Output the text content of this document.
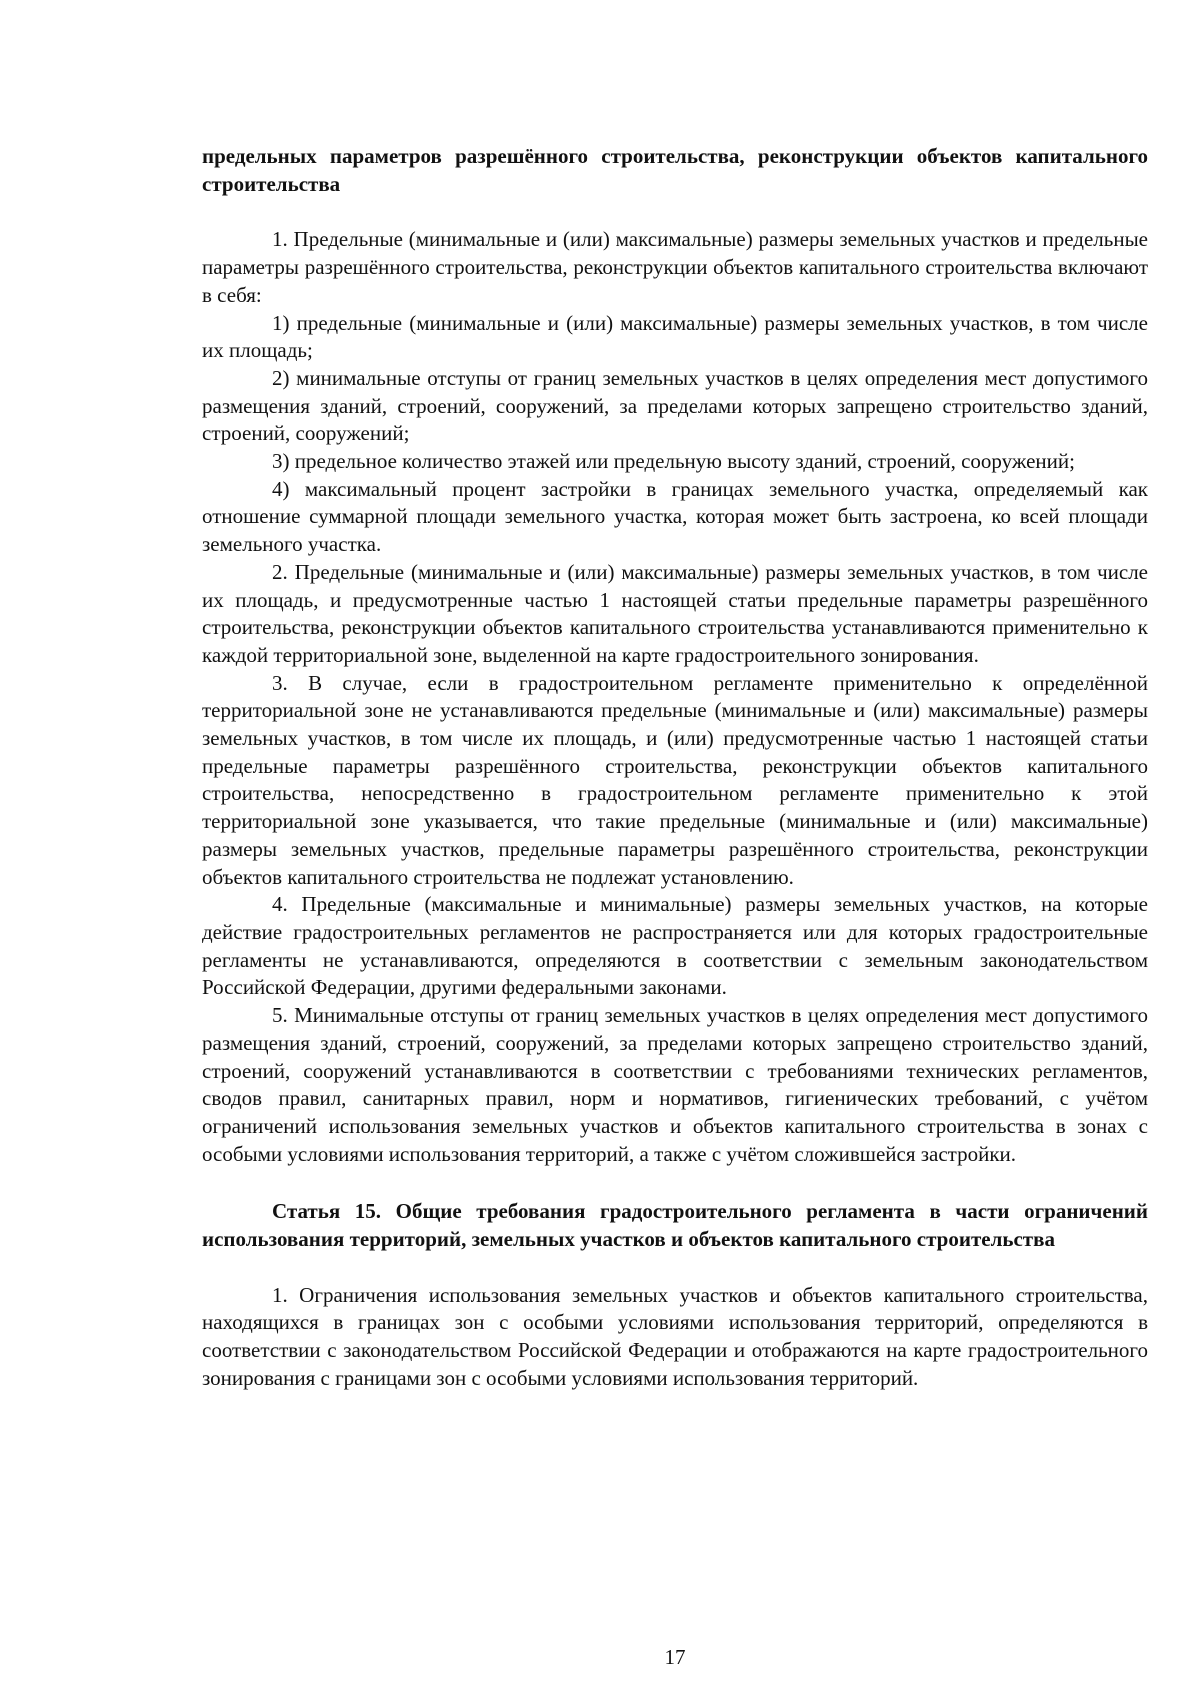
предельных параметров разрешённого строительства, реконструкции объектов капитального строительства

1. Предельные (минимальные и (или) максимальные) размеры земельных участков и предельные параметры разрешённого строительства, реконструкции объектов капитального строительства включают в себя:

1) предельные (минимальные и (или) максимальные) размеры земельных участков, в том числе их площадь;

2) минимальные отступы от границ земельных участков в целях определения мест допустимого размещения зданий, строений, сооружений, за пределами которых запрещено строительство зданий, строений, сооружений;

3) предельное количество этажей или предельную высоту зданий, строений, сооружений;

4) максимальный процент застройки в границах земельного участка, определяемый как отношение суммарной площади земельного участка, которая может быть застроена, ко всей площади земельного участка.

2. Предельные (минимальные и (или) максимальные) размеры земельных участков, в том числе их площадь, и предусмотренные частью 1 настоящей статьи предельные параметры разрешённого строительства, реконструкции объектов капитального строительства устанавливаются применительно к каждой территориальной зоне, выделенной на карте градостроительного зонирования.

3. В случае, если в градостроительном регламенте применительно к определённой территориальной зоне не устанавливаются предельные (минимальные и (или) максимальные) размеры земельных участков, в том числе их площадь, и (или) предусмотренные частью 1 настоящей статьи предельные параметры разрешённого строительства, реконструкции объектов капитального строительства, непосредственно в градостроительном регламенте применительно к этой территориальной зоне указывается, что такие предельные (минимальные и (или) максимальные) размеры земельных участков, предельные параметры разрешённого строительства, реконструкции объектов капитального строительства не подлежат установлению.

4. Предельные (максимальные и минимальные) размеры земельных участков, на которые действие градостроительных регламентов не распространяется или для которых градостроительные регламенты не устанавливаются, определяются в соответствии с земельным законодательством Российской Федерации, другими федеральными законами.

5. Минимальные отступы от границ земельных участков в целях определения мест допустимого размещения зданий, строений, сооружений, за пределами которых запрещено строительство зданий, строений, сооружений устанавливаются в соответствии с требованиями технических регламентов, сводов правил, санитарных правил, норм и нормативов, гигиенических требований, с учётом ограничений использования земельных участков и объектов капитального строительства в зонах с особыми условиями использования территорий, а также с учётом сложившейся застройки.

Статья 15. Общие требования градостроительного регламента в части ограничений использования территорий, земельных участков и объектов капитального строительства

1. Ограничения использования земельных участков и объектов капитального строительства, находящихся в границах зон с особыми условиями использования территорий, определяются в соответствии с законодательством Российской Федерации и отображаются на карте градостроительного зонирования с границами зон с особыми условиями использования территорий.

17
